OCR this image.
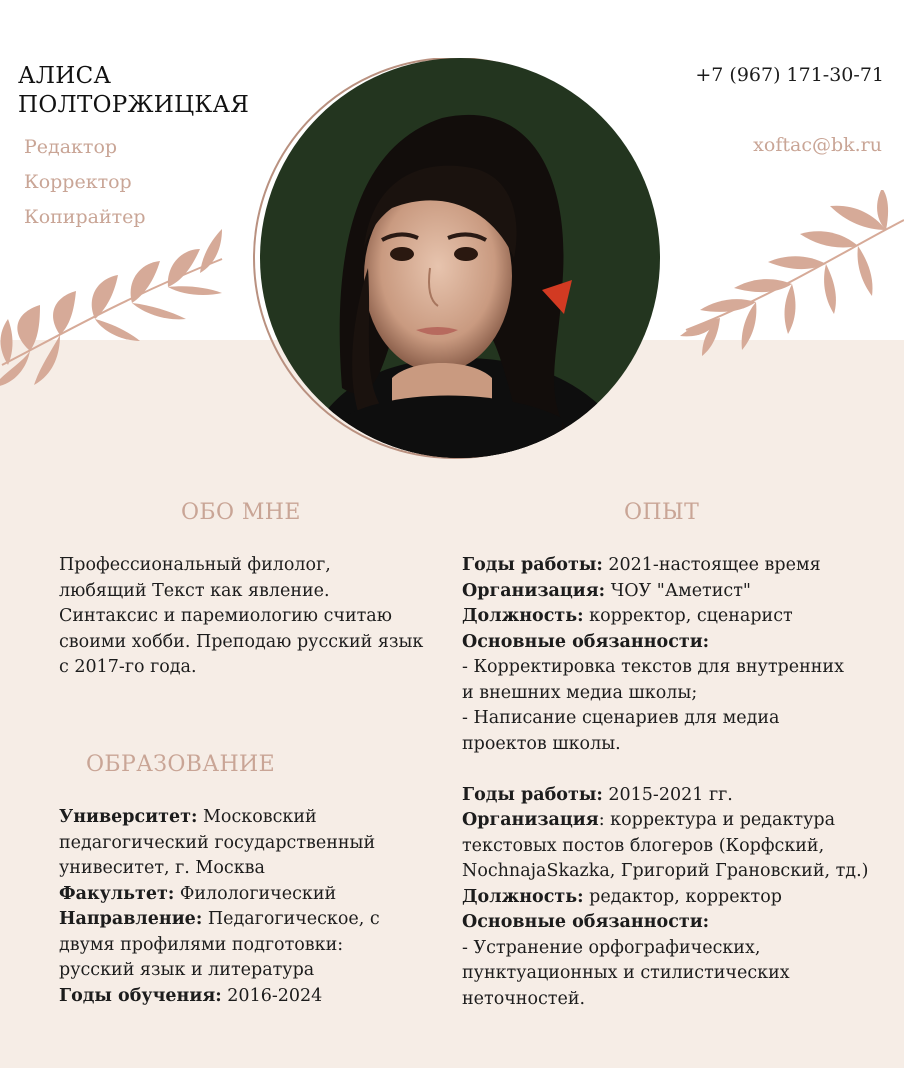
АЛИСА
ПОЛТОРЖИЦКАЯ
Редактор
Корректор
Копирайтер
+7 (967) 171-30-71
xoftac@bk.ru
ОБО МНЕ

Профессиональный филолог,

любящий Текст как явление.

Синтаксис и паремиологию считаю

своими хобби. Преподаю русский язык

с 2017-го года.

ОБРАЗОВАНИЕ

Университет: Московский

педагогический государственный

унивеситет, г. Москва

Факультет: Филологический

Направление: Педагогическое, с

двумя профилями подготовки:

русский язык и литература

Годы обучения: 2016-2024

ОПЫТ

Годы работы: 2021-настоящее время

Организация: ЧОУ "Аметист"

Должность: корректор, сценарист

Основные обязанности:

- Корректировка текстов для внутренних

и внешних медиа школы;

- Написание сценариев для медиа

проектов школы.

Годы работы: 2015-2021 гг.

Организация: корректура и редактура

текстовых постов блогеров (Корфский,

NochnajaSkazka, Григорий Грановский, тд.)

Должность: редактор, корректор

Основные обязанности:

- Устранение орфографических,

пунктуационных и стилистических

неточностей.
